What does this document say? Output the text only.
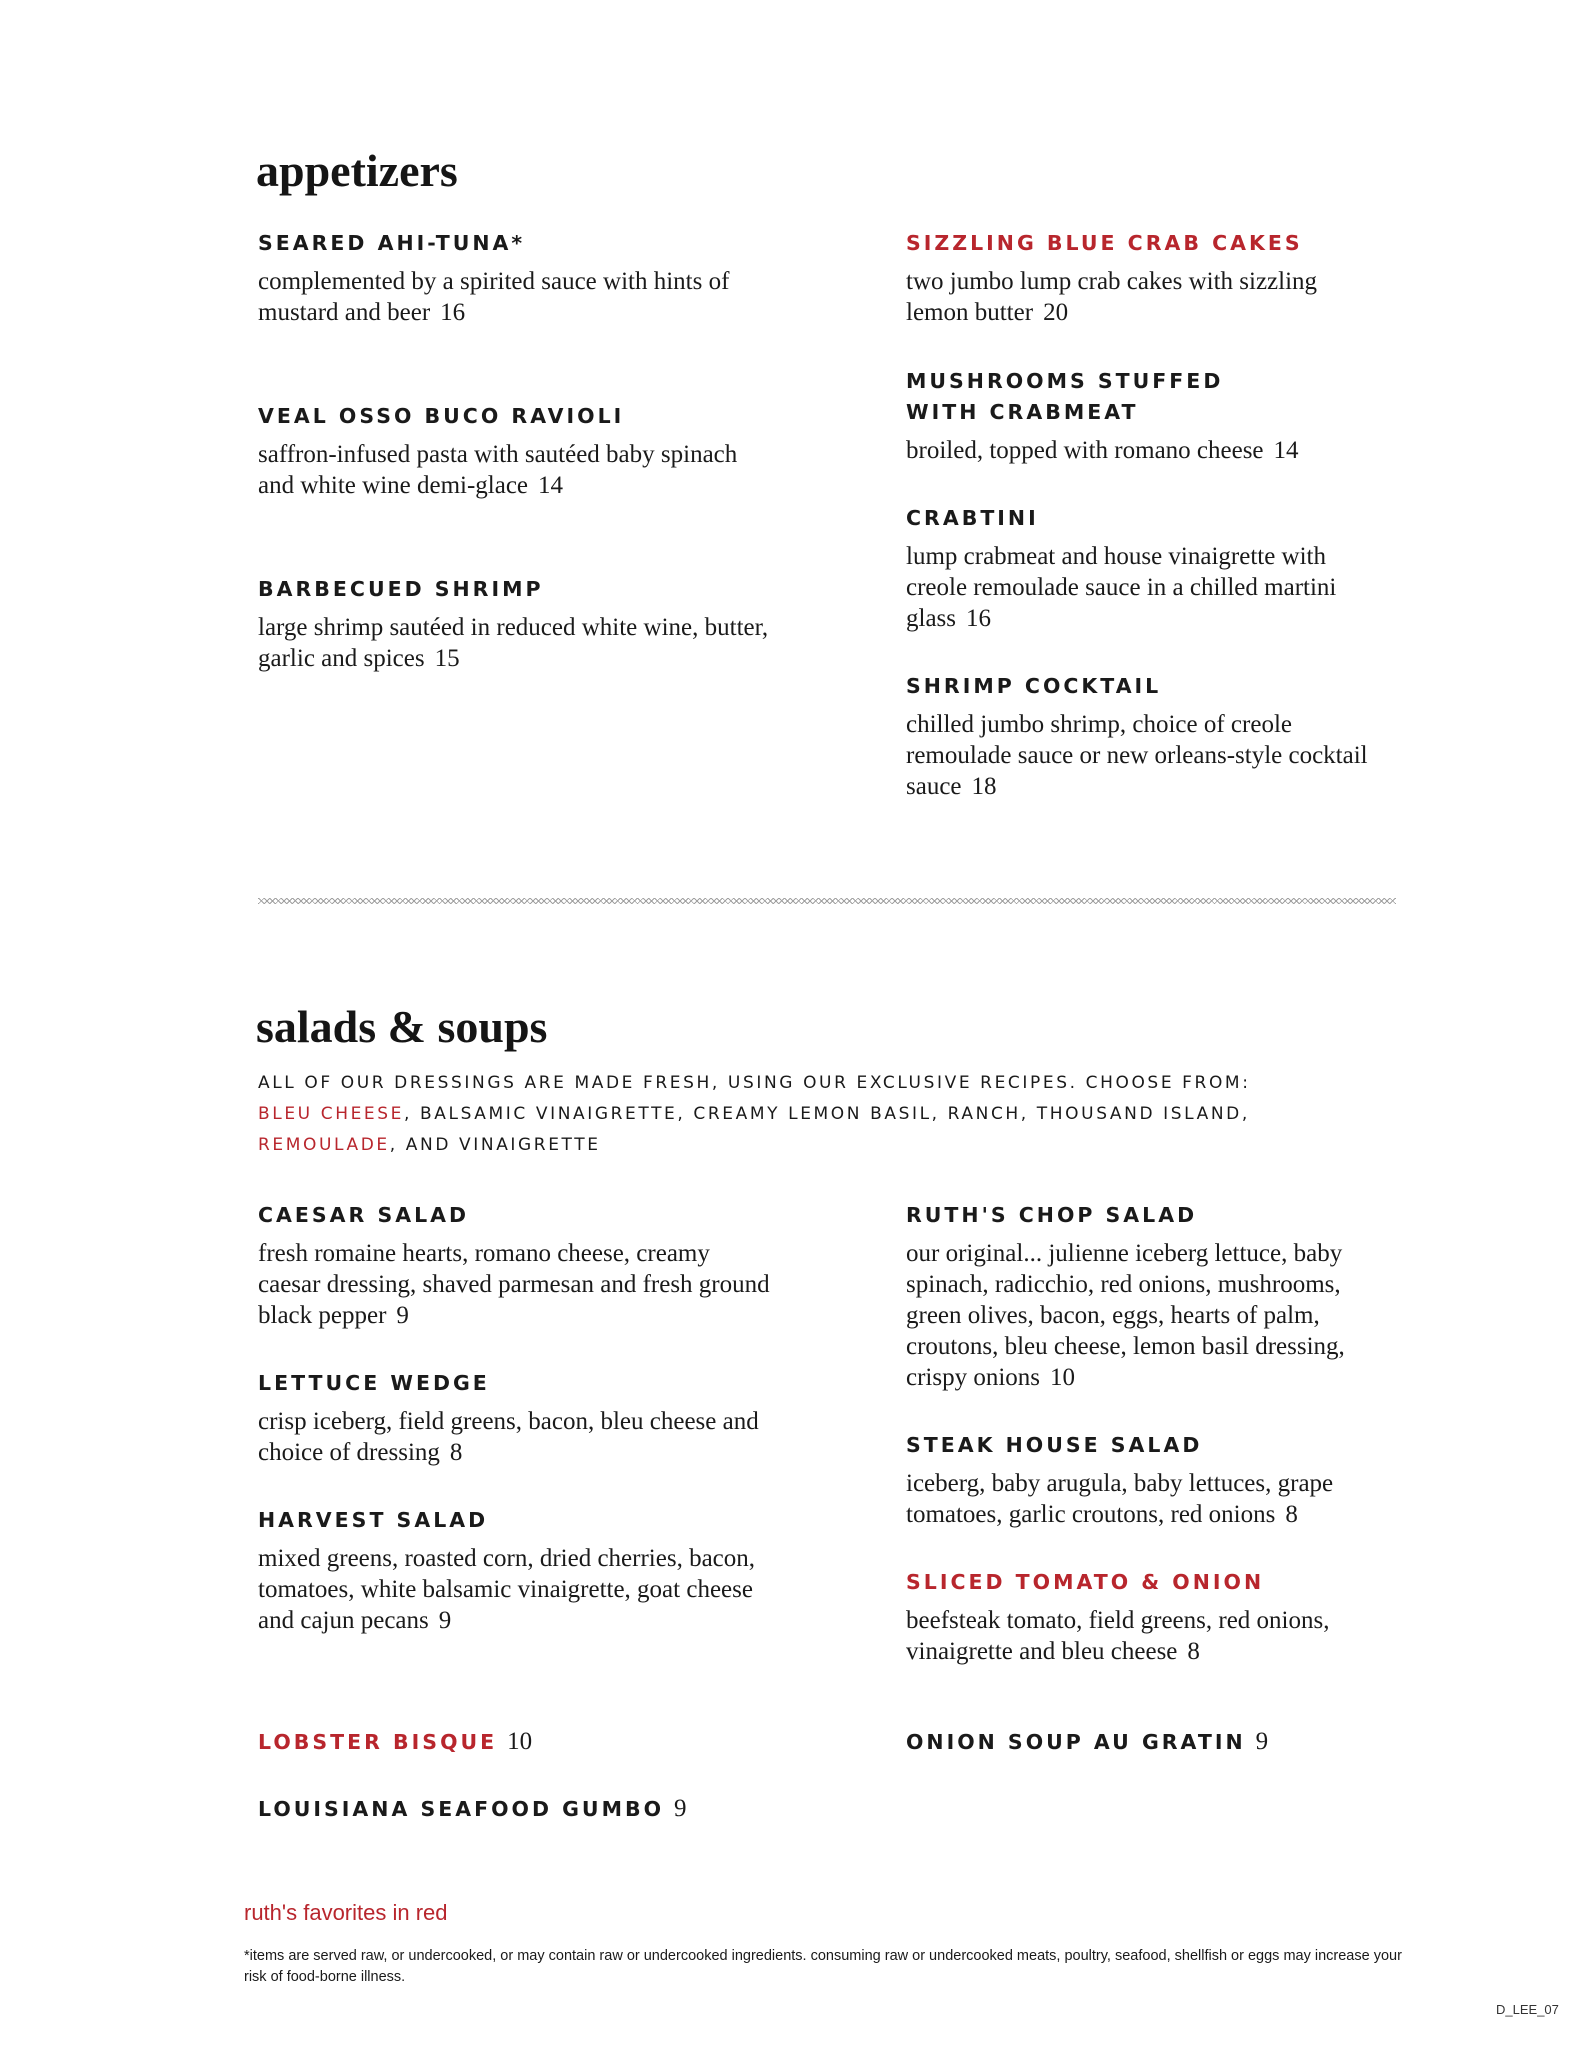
appetizers

SEARED AHI-TUNA*

complemented by a spirited sauce with hints of mustard and beer 16

VEAL OSSO BUCO RAVIOLI

saffron-infused pasta with sautéed baby spinach and white wine demi-glace 14

BARBECUED SHRIMP

large shrimp sautéed in reduced white wine, butter, garlic and spices 15

SIZZLING BLUE CRAB CAKES

two jumbo lump crab cakes with sizzling lemon butter 20

MUSHROOMS STUFFED WITH CRABMEAT

broiled, topped with romano cheese 14

CRABTINI

lump crabmeat and house vinaigrette with creole remoulade sauce in a chilled martini glass 16

SHRIMP COCKTAIL

chilled jumbo shrimp, choice of creole remoulade sauce or new orleans-style cocktail sauce 18

salads & soups
ALL OF OUR DRESSINGS ARE MADE FRESH, USING OUR EXCLUSIVE RECIPES. CHOOSE FROM:
BLEU CHEESE, BALSAMIC VINAIGRETTE, CREAMY LEMON BASIL, RANCH, THOUSAND ISLAND,
REMOULADE, AND VINAIGRETTE

CAESAR SALAD

fresh romaine hearts, romano cheese, creamy caesar dressing, shaved parmesan and fresh ground black pepper 9

LETTUCE WEDGE

crisp iceberg, field greens, bacon, bleu cheese and choice of dressing 8

HARVEST SALAD

mixed greens, roasted corn, dried cherries, bacon, tomatoes, white balsamic vinaigrette, goat cheese and cajun pecans 9

RUTH'S CHOP SALAD

our original... julienne iceberg lettuce, baby spinach, radicchio, red onions, mushrooms, green olives, bacon, eggs, hearts of palm, croutons, bleu cheese, lemon basil dressing, crispy onions 10

STEAK HOUSE SALAD

iceberg, baby arugula, baby lettuces, grape tomatoes, garlic croutons, red onions 8

SLICED TOMATO & ONION

beefsteak tomato, field greens, red onions, vinaigrette and bleu cheese 8

LOBSTER BISQUE 10	ONION SOUP AU GRATIN 9

LOUISIANA SEAFOOD GUMBO 9

ruth's favorites in red
*items are served raw, or undercooked, or may contain raw or undercooked ingredients. consuming raw or undercooked meats, poultry, seafood, shellfish or eggs may increase your risk of food-borne illness.
D_LEE_07
